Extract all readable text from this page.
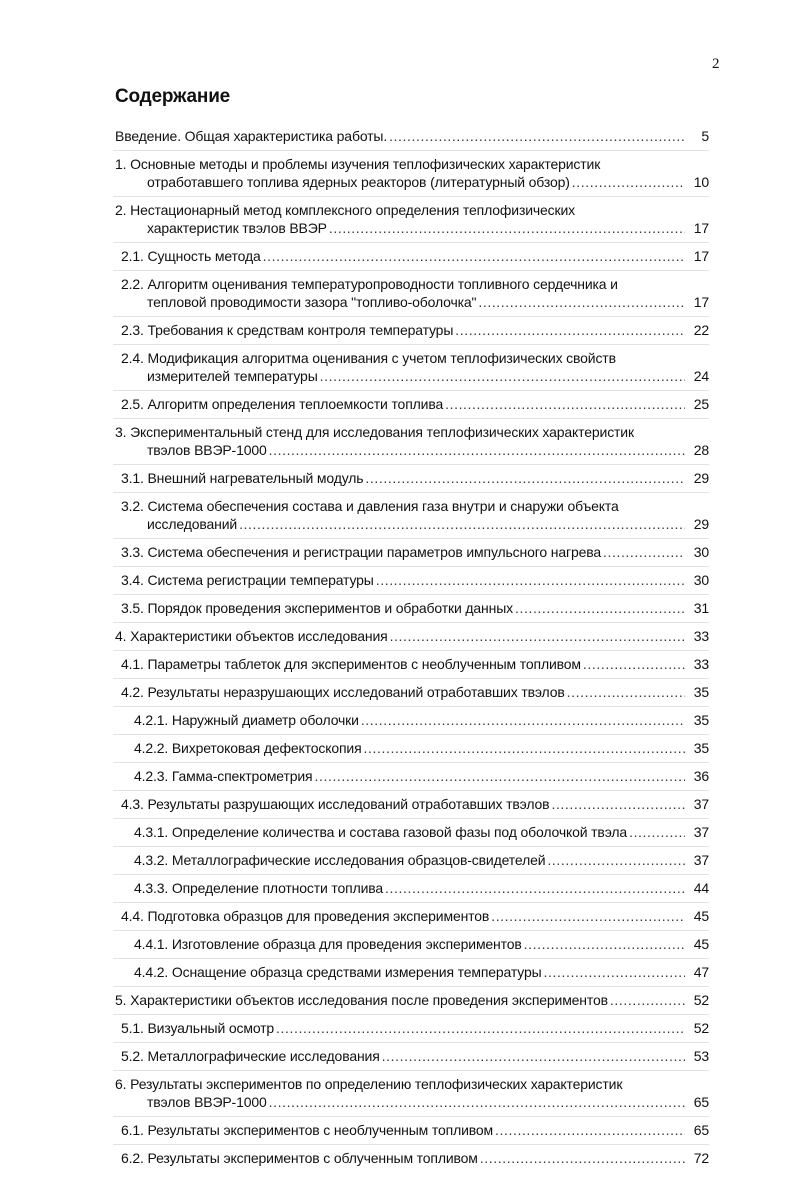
2
Содержание
Введение. Общая характеристика работы. .....	5
1. Основные методы и проблемы изучения теплофизических характеристик
отработавшего топлива ядерных реакторов (литературный обзор) .....	10
2. Нестационарный метод комплексного определения теплофизических
характеристик твэлов ВВЭР .....	17
2.1. Сущность метода .....	17
2.2. Алгоритм оценивания температуропроводности топливного сердечника и
тепловой проводимости зазора "топливо-оболочка" .....	17
2.3. Требования к средствам контроля температуры .....	22
2.4. Модификация алгоритма оценивания с учетом теплофизических свойств
измерителей температуры .....	24
2.5. Алгоритм определения теплоемкости топлива .....	25
3. Экспериментальный стенд для исследования теплофизических характеристик
твэлов ВВЭР-1000 .....	28
3.1. Внешний нагревательный модуль .....	29
3.2. Система обеспечения состава и давления газа внутри и снаружи объекта
исследований .....	29
3.3. Система обеспечения и регистрации параметров импульсного нагрева .....	30
3.4. Система регистрации температуры .....	30
3.5. Порядок проведения экспериментов и обработки данных .....	31
4. Характеристики объектов исследования .....	33
4.1. Параметры таблеток для экспериментов с необлученным топливом .....	33
4.2. Результаты неразрушающих исследований отработавших твэлов .....	35
4.2.1. Наружный диаметр оболочки .....	35
4.2.2. Вихретоковая дефектоскопия .....	35
4.2.3. Гамма-спектрометрия .....	36
4.3. Результаты разрушающих исследований отработавших твэлов .....	37
4.3.1. Определение количества и состава газовой фазы под оболочкой твэла .....	37
4.3.2. Металлографические исследования образцов-свидетелей .....	37
4.3.3. Определение плотности топлива .....	44
4.4. Подготовка образцов для проведения экспериментов .....	45
4.4.1. Изготовление образца для проведения экспериментов .....	45
4.4.2. Оснащение образца средствами измерения температуры .....	47
5. Характеристики объектов исследования после проведения экспериментов .....	52
5.1. Визуальный осмотр .....	52
5.2. Металлографические исследования .....	53
6. Результаты экспериментов по определению теплофизических характеристик
твэлов ВВЭР-1000 .....	65
6.1. Результаты экспериментов с необлученным топливом .....	65
6.2. Результаты экспериментов с облученным топливом .....	72
